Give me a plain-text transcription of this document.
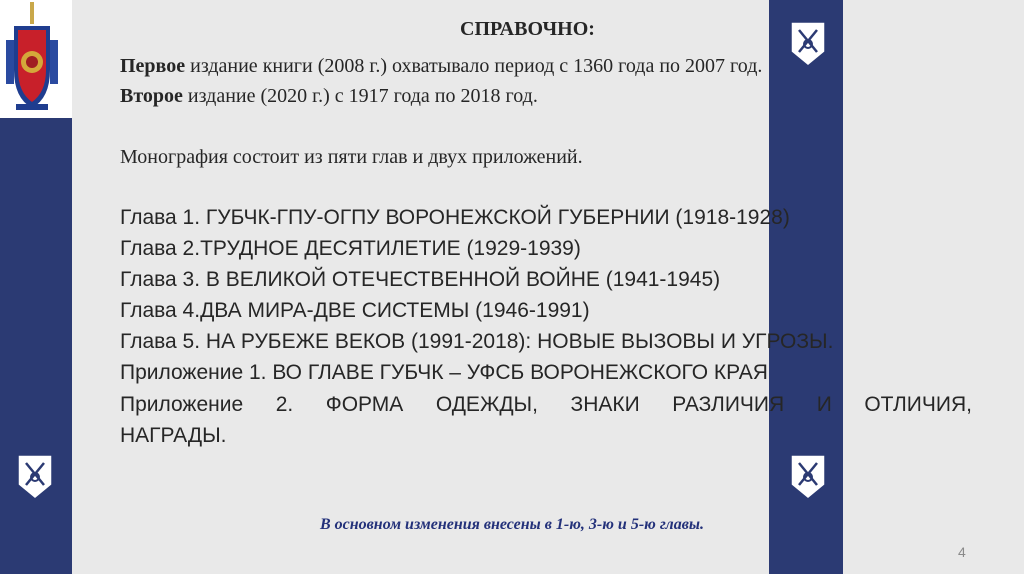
СПРАВОЧНО:
Первое издание книги (2008 г.) охватывало период с 1360 года по 2007 год.
Второе издание (2020 г.) с 1917 года по 2018 год.
Монография состоит из пяти глав и двух приложений.
Глава 1. ГУБЧК-ГПУ-ОГПУ ВОРОНЕЖСКОЙ ГУБЕРНИИ (1918-1928)
Глава 2.ТРУДНОЕ ДЕСЯТИЛЕТИЕ (1929-1939)
Глава 3. В ВЕЛИКОЙ ОТЕЧЕСТВЕННОЙ ВОЙНЕ (1941-1945)
Глава 4.ДВА МИРА-ДВЕ СИСТЕМЫ (1946-1991)
Глава 5. НА РУБЕЖЕ ВЕКОВ (1991-2018): НОВЫЕ ВЫЗОВЫ И УГРОЗЫ.
Приложение 1. ВО ГЛАВЕ ГУБЧК – УФСБ ВОРОНЕЖСКОГО КРАЯ
Приложение 2. ФОРМА ОДЕЖДЫ, ЗНАКИ РАЗЛИЧИЯ И ОТЛИЧИЯ,
НАГРАДЫ.
В основном изменения внесены в 1-ю, 3-ю и 5-ю главы.
4
